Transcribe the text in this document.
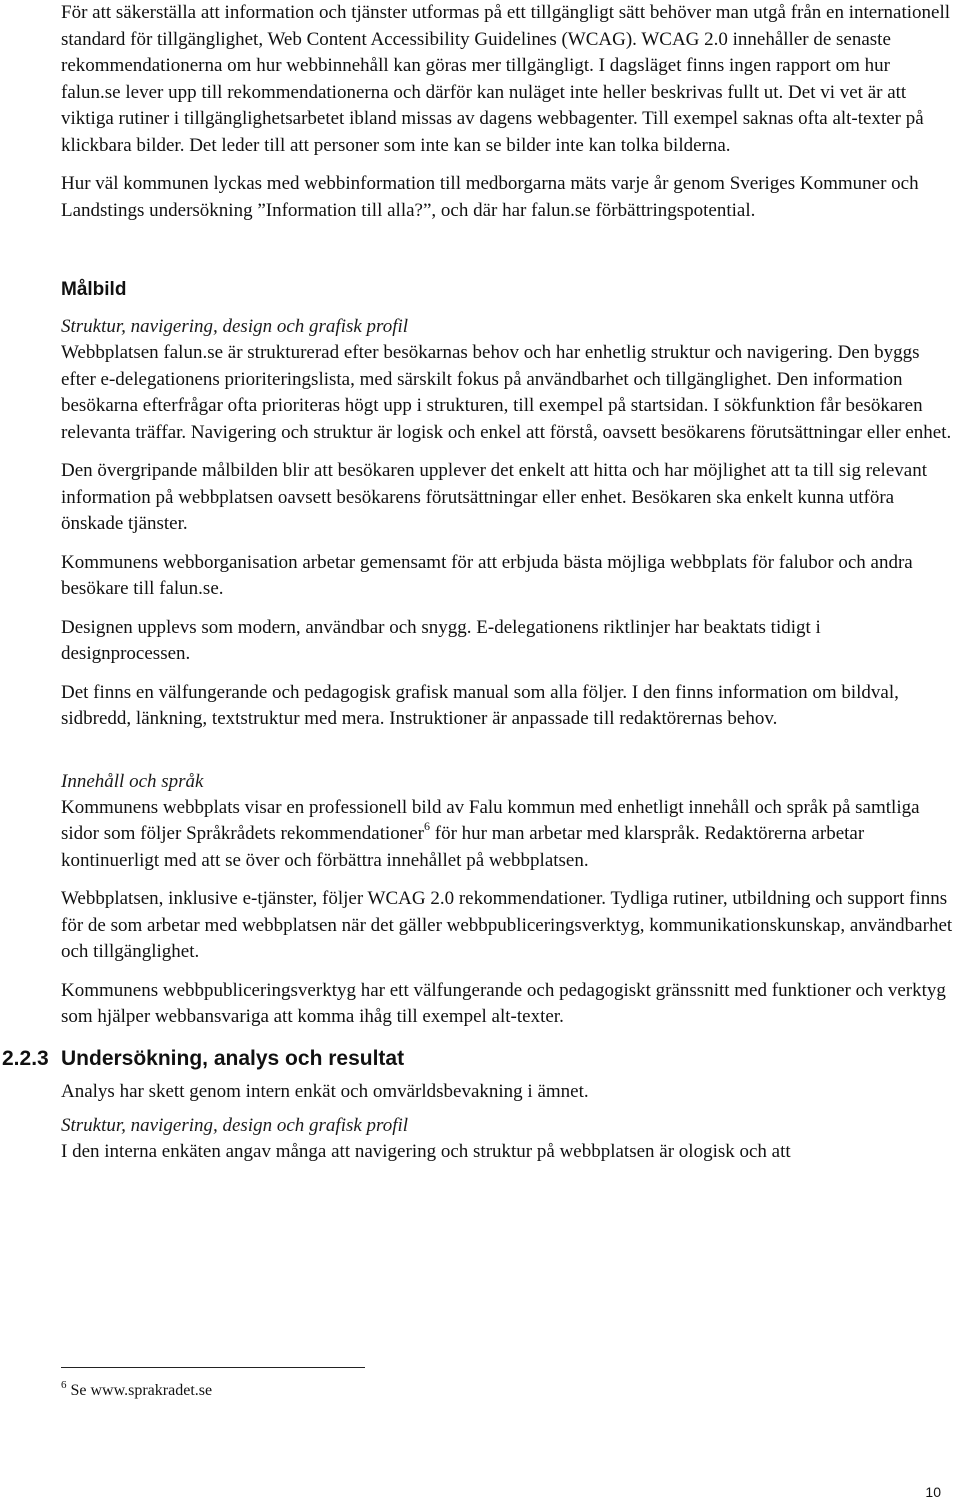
För att säkerställa att information och tjänster utformas på ett tillgängligt sätt behöver man utgå från en internationell standard för tillgänglighet, Web Content Accessibility Guidelines (WCAG). WCAG 2.0 innehåller de senaste rekommendationerna om hur webbinnehåll kan göras mer tillgängligt. I dagsläget finns ingen rapport om hur falun.se lever upp till rekommendationerna och därför kan nuläget inte heller beskrivas fullt ut. Det vi vet är att viktiga rutiner i tillgänglighetsarbetet ibland missas av dagens webbagenter. Till exempel saknas ofta alt-texter på klickbara bilder. Det leder till att personer som inte kan se bilder inte kan tolka bilderna.

Hur väl kommunen lyckas med webbinformation till medborgarna mäts varje år genom Sveriges Kommuner och Landstings undersökning ”Information till alla?”, och där har falun.se förbättringspotential.

Målbild
Struktur, navigering, design och grafisk profil

Webbplatsen falun.se är strukturerad efter besökarnas behov och har enhetlig struktur och navigering. Den byggs efter e-delegationens prioriteringslista, med särskilt fokus på användbarhet och tillgänglighet. Den information besökarna efterfrågar ofta prioriteras högt upp i strukturen, till exempel på startsidan. I sökfunktion får besökaren relevanta träffar. Navigering och struktur är logisk och enkel att förstå, oavsett besökarens förutsättningar eller enhet.

Den övergripande målbilden blir att besökaren upplever det enkelt att hitta och har möjlighet att ta till sig relevant information på webbplatsen oavsett besökarens förutsättningar eller enhet. Besökaren ska enkelt kunna utföra önskade tjänster.

Kommunens webborganisation arbetar gemensamt för att erbjuda bästa möjliga webbplats för falubor och andra besökare till falun.se.

Designen upplevs som modern, användbar och snygg. E-delegationens riktlinjer har beaktats tidigt i designprocessen.

Det finns en välfungerande och pedagogisk grafisk manual som alla följer. I den finns information om bildval, sidbredd, länkning, textstruktur med mera. Instruktioner är anpassade till redaktörernas behov.

Innehåll och språk

Kommunens webbplats visar en professionell bild av Falu kommun med enhetligt innehåll och språk på samtliga sidor som följer Språkrådets rekommendationer$^6$ för hur man arbetar med klarspråk. Redaktörerna arbetar kontinuerligt med att se över och förbättra innehållet på webbplatsen.

Webbplatsen, inklusive e-tjänster, följer WCAG 2.0 rekommendationer. Tydliga rutiner, utbildning och support finns för de som arbetar med webbplatsen när det gäller webbpubliceringsverktyg, kommunikationskunskap, användbarhet och tillgänglighet.

Kommunens webbpubliceringsverktyg har ett välfungerande och pedagogiskt gränssnitt med funktioner och verktyg som hjälper webbansvariga att komma ihåg till exempel alt-texter.

2.2.3 Undersökning, analys och resultat

Analys har skett genom intern enkät och omvärldsbevakning i ämnet.

Struktur, navigering, design och grafisk profil

I den interna enkäten angav många att navigering och struktur på webbplatsen är ologisk och att

$^6$ Se www.sprakradet.se
10
